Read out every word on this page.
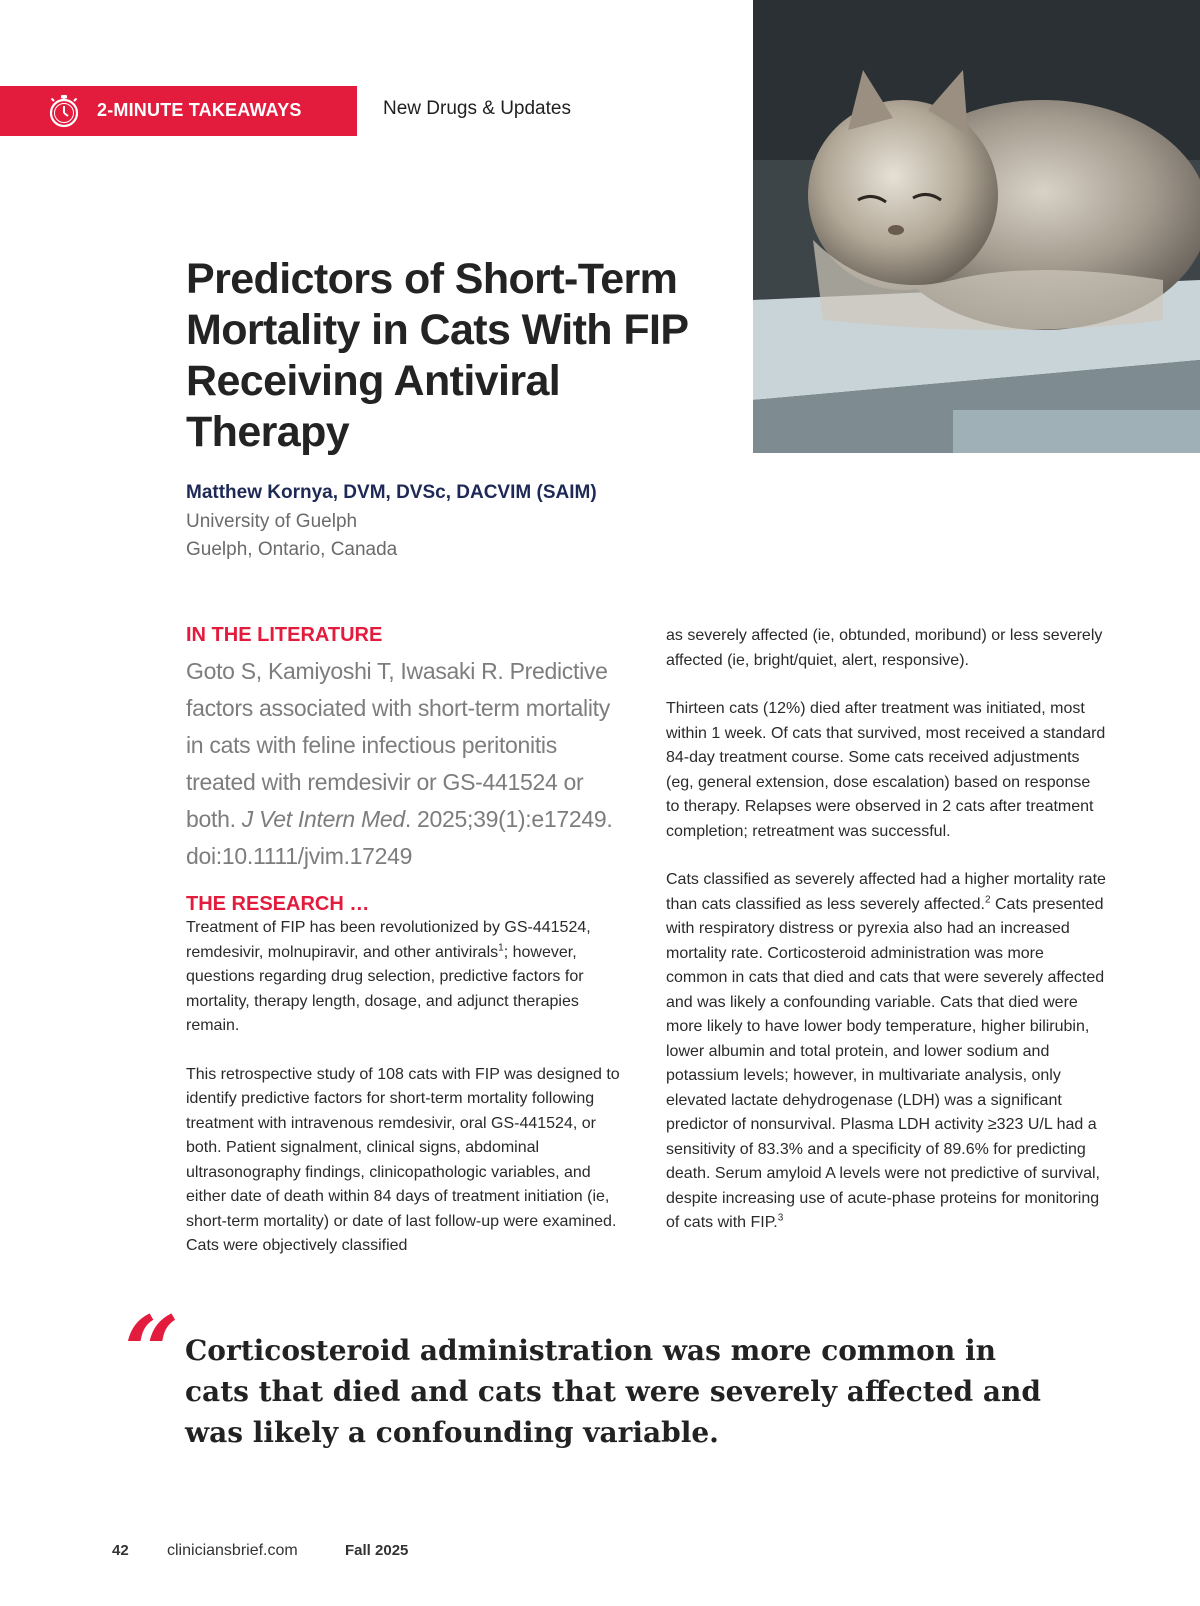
2-MINUTE TAKEAWAYS	New Drugs & Updates
Predictors of Short-Term Mortality in Cats With FIP Receiving Antiviral Therapy
Matthew Kornya, DVM, DVSc, DACVIM (SAIM)
University of Guelph
Guelph, Ontario, Canada
IN THE LITERATURE

Goto S, Kamiyoshi T, Iwasaki R. Predictive factors associated with short-term mortality in cats with feline infectious peritonitis treated with remdesivir or GS-441524 or both. J Vet Intern Med. 2025;39(1):e17249. doi:10.1111/jvim.17249

THE RESEARCH …

Treatment of FIP has been revolutionized by GS-441524, remdesivir, molnupiravir, and other antivirals$^1$; however, questions regarding drug selection, predictive factors for mortality, therapy length, dosage, and adjunct therapies remain.

This retrospective study of 108 cats with FIP was designed to identify predictive factors for short-term mortality following treatment with intravenous remdesivir, oral GS-441524, or both. Patient signalment, clinical signs, abdominal ultrasonography findings, clinicopathologic variables, and either date of death within 84 days of treatment initiation (ie, short-term mortality) or date of last follow-up were examined. Cats were objectively classified

as severely affected (ie, obtunded, moribund) or less severely affected (ie, bright/quiet, alert, responsive).

Thirteen cats (12%) died after treatment was initiated, most within 1 week. Of cats that survived, most received a standard 84-day treatment course. Some cats received adjustments (eg, general extension, dose escalation) based on response to therapy. Relapses were observed in 2 cats after treatment completion; retreatment was successful.

Cats classified as severely affected had a higher mortality rate than cats classified as less severely affected.$^2$ Cats presented with respiratory distress or pyrexia also had an increased mortality rate. Corticosteroid administration was more common in cats that died and cats that were severely affected and was likely a confounding variable. Cats that died were more likely to have lower body temperature, higher bilirubin, lower albumin and total protein, and lower sodium and potassium levels; however, in multivariate analysis, only elevated lactate dehydrogenase (LDH) was a significant predictor of nonsurvival. Plasma LDH activity ≥323 U/L had a sensitivity of 83.3% and a specificity of 89.6% for predicting death. Serum amyloid A levels were not predictive of survival, despite increasing use of acute-phase proteins for monitoring of cats with FIP.$^3$

“ Corticosteroid administration was more common in cats that died and cats that were severely affected and was likely a confounding variable.

42 cliniciansbrief.com	Fall 2025
